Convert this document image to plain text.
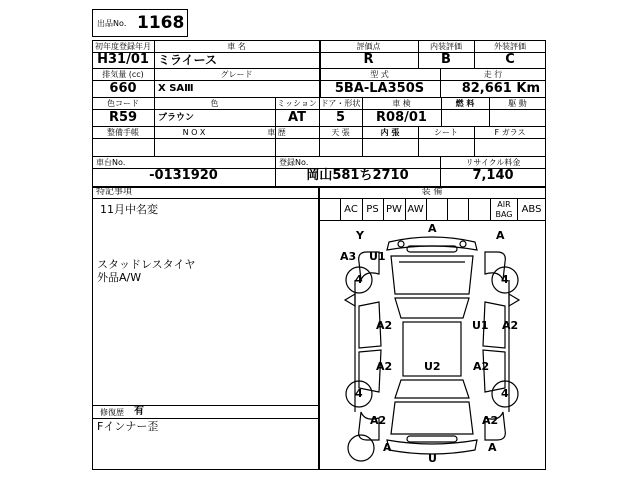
出品No． 1168
初年度登録年月	車 名	評価点	内装評価	外装評価
H31/01 ミライース	R	B	C
排気量 (cc)	グレード	型 式	走 行
660	X SAⅢ	5BA-LA350S	82,661 Km
色コード	色	ミッション ドア・形状	車 検	燃 料	駆 動
R59	ブラウン	AT	5	R08/01
整備手帳	N O X	車 歴	天 張	内 張	シート	F ガラス
車台No．	登録No．	リサイクル料金
-0131920	岡山581ち2710	7,140
特記事項
11月中名変
スタッドレスタイヤ
外品A/W
修復歴	有
Fインナー歪
装 備
AC PS PW AW	AIR BAG ABS
4	4
4	4
A
Y	A
A3 U1
A2	U1 A2
U2
A2	A2
A2	A2
A	A
U
